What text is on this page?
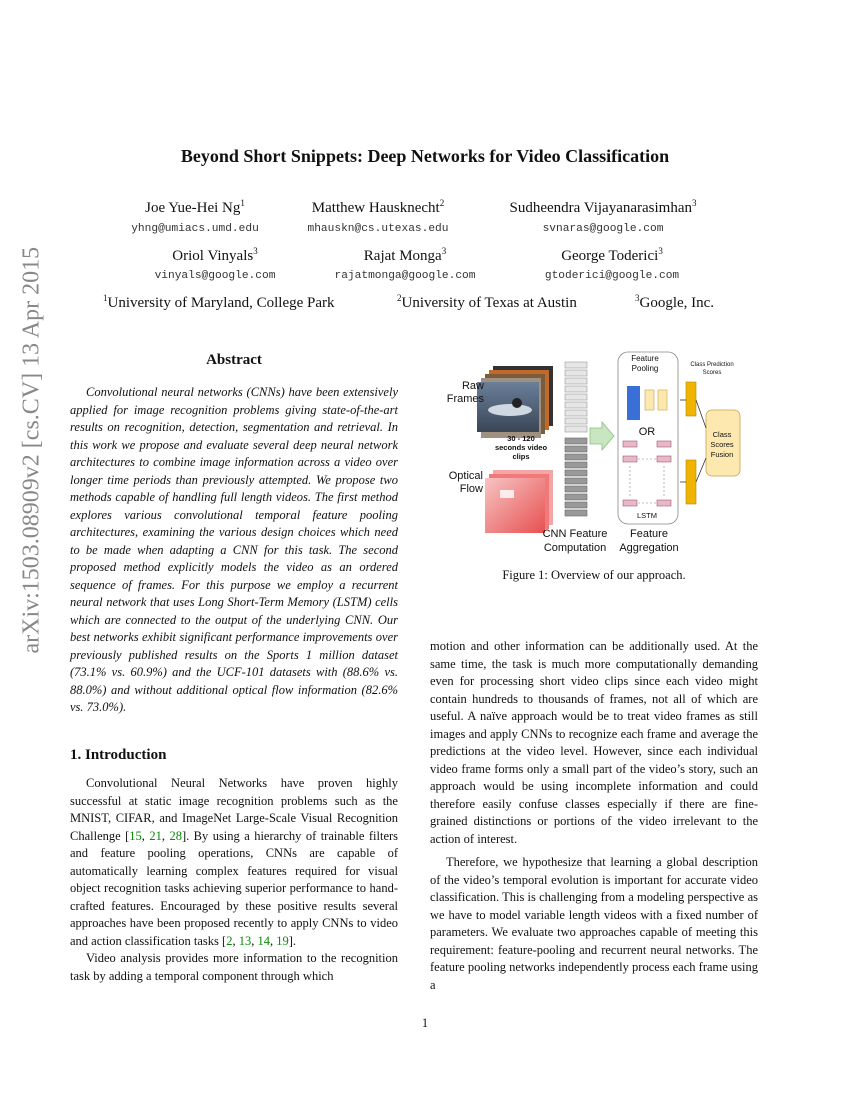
arXiv:1503.08909v2 [cs.CV] 13 Apr 2015
Beyond Short Snippets: Deep Networks for Video Classification
Joe Yue-Hei Ng$^1$
yhng@umiacs.umd.edu
Matthew Hausknecht$^2$
mhauskn@cs.utexas.edu
Sudheendra Vijayanarasimhan$^3$
svnaras@google.com
Oriol Vinyals$^3$
vinyals@google.com
Rajat Monga$^3$
rajatmonga@google.com
George Toderici$^3$
gtoderici@google.com
$^1$University of Maryland, College Park	$^2$University of Texas at Austin	$^3$Google, Inc.
Abstract
Convolutional neural networks (CNNs) have been extensively applied for image recognition problems giving state-of-the-art results on recognition, detection, segmentation and retrieval. In this work we propose and evaluate several deep neural network architectures to combine image information across a video over longer time periods than previously attempted. We propose two methods capable of handling full length videos. The first method explores various convolutional temporal feature pooling architectures, examining the various design choices which need to be made when adapting a CNN for this task. The second proposed method explicitly models the video as an ordered sequence of frames. For this purpose we employ a recurrent neural network that uses Long Short-Term Memory (LSTM) cells which are connected to the output of the underlying CNN. Our best networks exhibit significant performance improvements over previously published results on the Sports 1 million dataset (73.1% vs. 60.9%) and the UCF-101 datasets with (88.6% vs. 88.0%) and without additional optical flow information (82.6% vs. 73.0%).
1. Introduction
Convolutional Neural Networks have proven highly successful at static image recognition problems such as the MNIST, CIFAR, and ImageNet Large-Scale Visual Recognition Challenge [15, 21, 28]. By using a hierarchy of trainable filters and feature pooling operations, CNNs are capable of automatically learning complex features required for visual object recognition tasks achieving superior performance to hand-crafted features. Encouraged by these positive results several approaches have been proposed recently to apply CNNs to video and action classification tasks [2, 13, 14, 19].
Video analysis provides more information to the recognition task by adding a temporal component through which
Raw Frames
30 - 120 seconds video clips
Optical Flow
Feature Pooling
OR
LSTM
Class Prediction Scores
Class Scores Fusion
CNN Feature Computation
Feature Aggregation
Figure 1: Overview of our approach.
motion and other information can be additionally used. At the same time, the task is much more computationally demanding even for processing short video clips since each video might contain hundreds to thousands of frames, not all of which are useful. A naïve approach would be to treat video frames as still images and apply CNNs to recognize each frame and average the predictions at the video level. However, since each individual video frame forms only a small part of the video’s story, such an approach would be using incomplete information and could therefore easily confuse classes especially if there are fine-grained distinctions or portions of the video irrelevant to the action of interest.
Therefore, we hypothesize that learning a global description of the video’s temporal evolution is important for accurate video classification. This is challenging from a modeling perspective as we have to model variable length videos with a fixed number of parameters. We evaluate two approaches capable of meeting this requirement: feature-pooling and recurrent neural networks. The feature pooling networks independently process each frame using a
1
